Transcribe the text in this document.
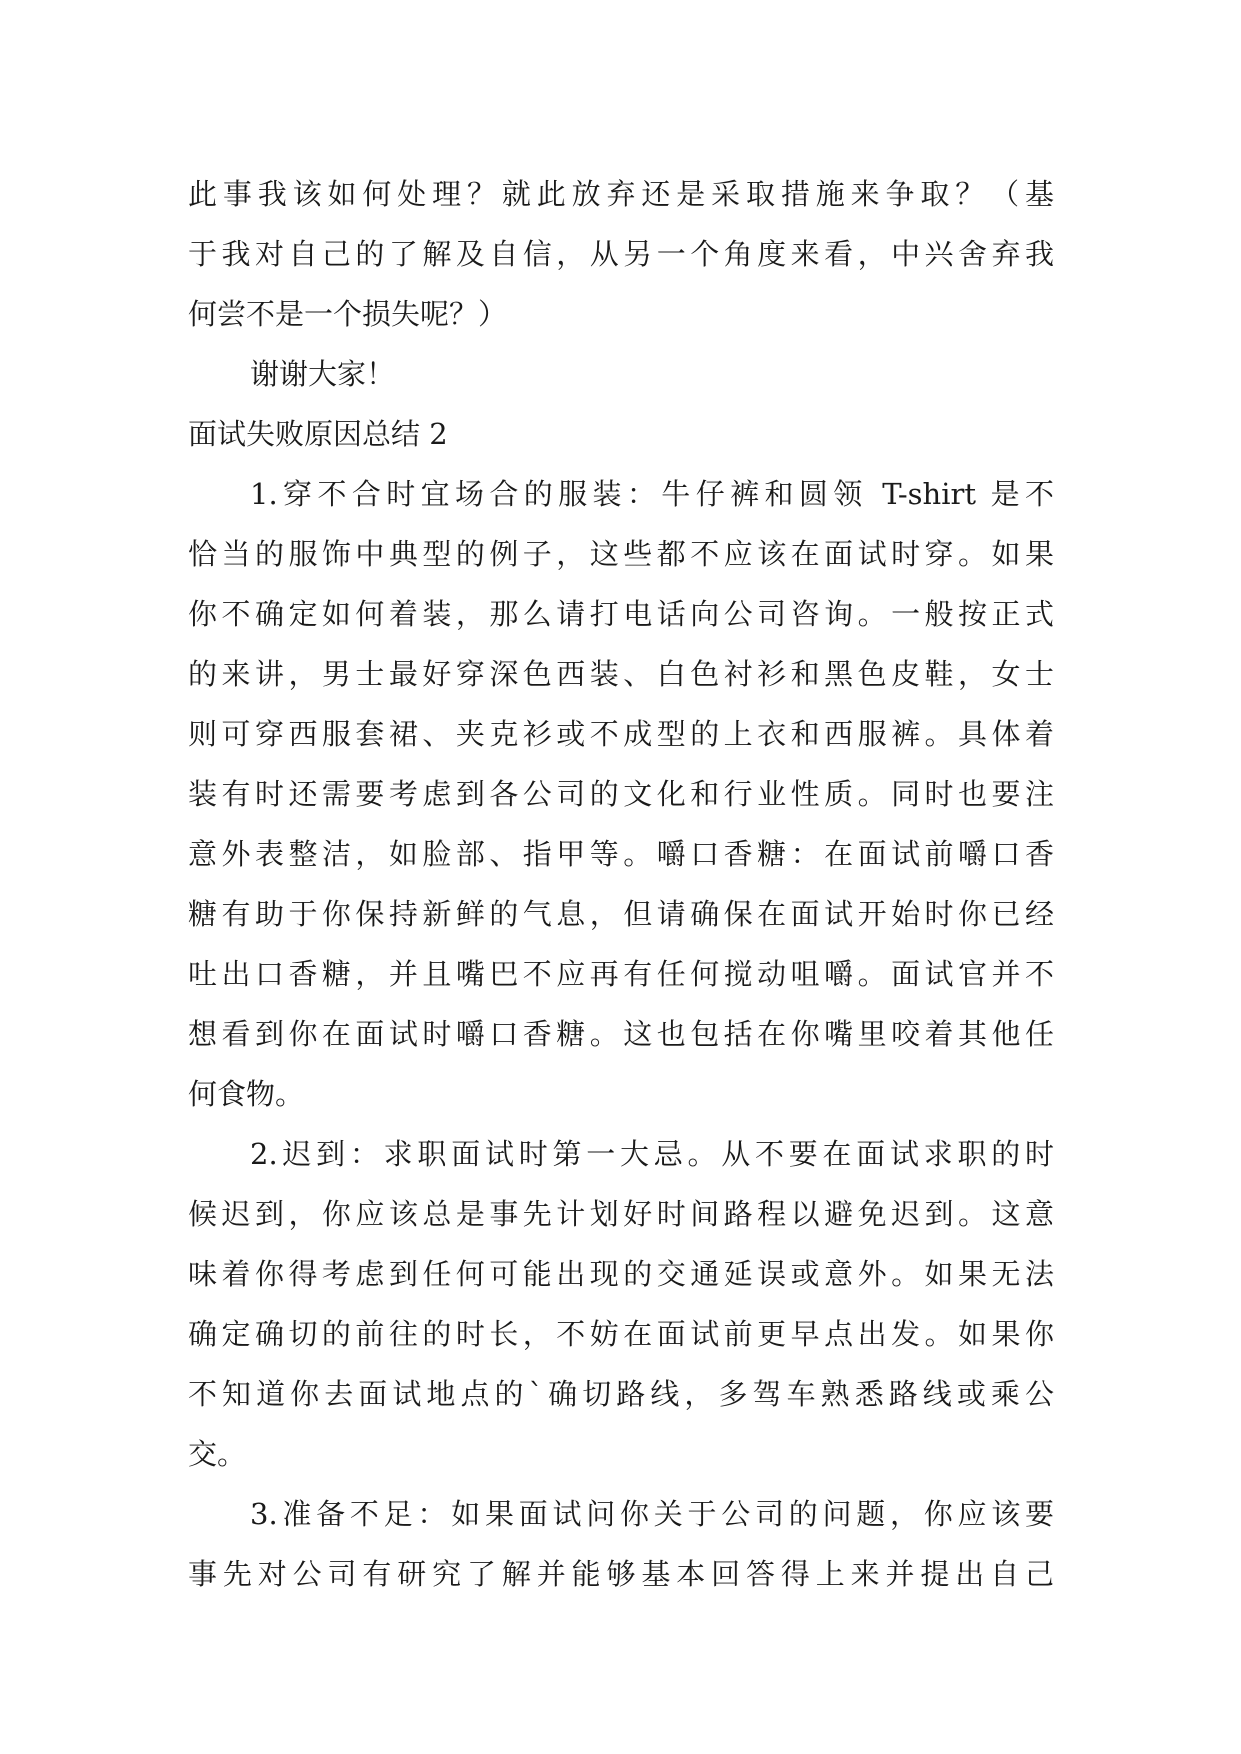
此事我该如何处理？就此放弃还是采取措施来争取？（基
于我对自己的了解及自信，从另一个角度来看，中兴舍弃我
何尝不是一个损失呢？）
谢谢大家！
面试失败原因总结 2
1.穿不合时宜场合的服装：牛仔裤和圆领 T-shirt 是不
恰当的服饰中典型的例子，这些都不应该在面试时穿。如果
你不确定如何着装，那么请打电话向公司咨询。一般按正式
的来讲，男士最好穿深色西装、白色衬衫和黑色皮鞋，女士
则可穿西服套裙、夹克衫或不成型的上衣和西服裤。具体着
装有时还需要考虑到各公司的文化和行业性质。同时也要注
意外表整洁，如脸部、指甲等。嚼口香糖：在面试前嚼口香
糖有助于你保持新鲜的气息，但请确保在面试开始时你已经
吐出口香糖，并且嘴巴不应再有任何搅动咀嚼。面试官并不
想看到你在面试时嚼口香糖。这也包括在你嘴里咬着其他任
何食物。
2.迟到：求职面试时第一大忌。从不要在面试求职的时
候迟到，你应该总是事先计划好时间路程以避免迟到。这意
味着你得考虑到任何可能出现的交通延误或意外。如果无法
确定确切的前往的时长，不妨在面试前更早点出发。如果你
不知道你去面试地点的`确切路线，多驾车熟悉路线或乘公
交。
3.准备不足：如果面试问你关于公司的问题，你应该要
事先对公司有研究了解并能够基本回答得上来并提出自己
